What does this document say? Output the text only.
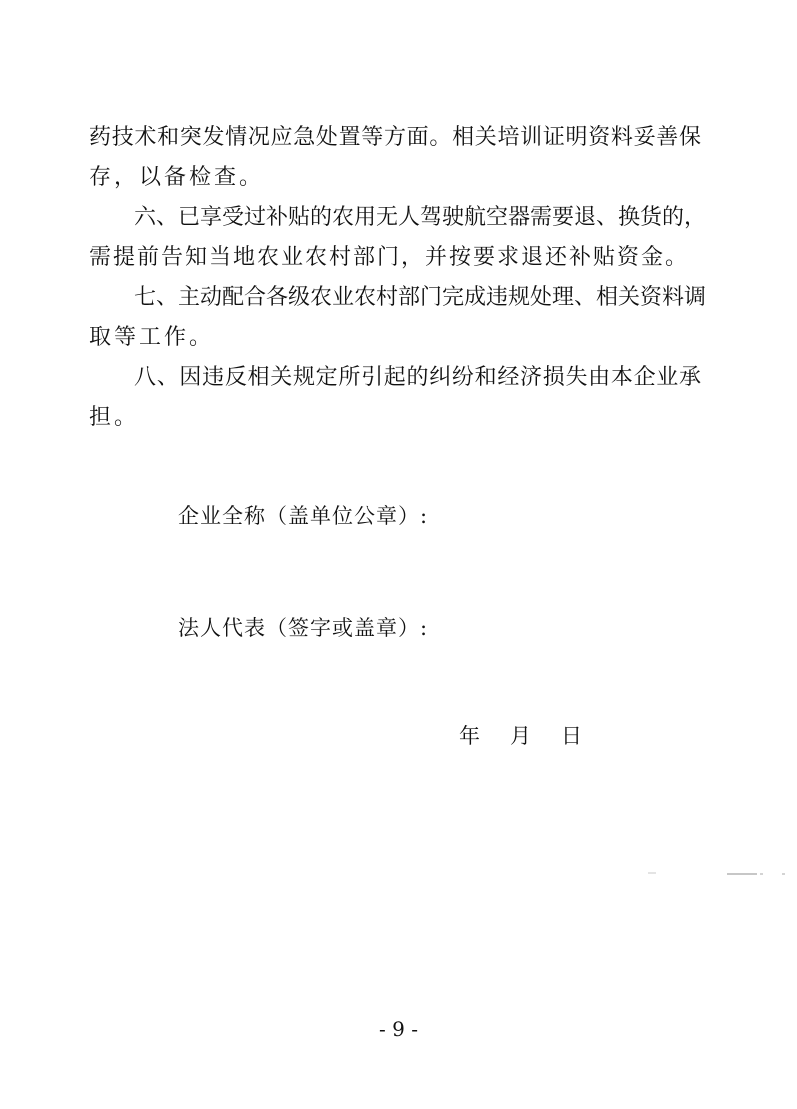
药技术和突发情况应急处置等方面。相关培训证明资料妥善保
存，以备检查。
六、已享受过补贴的农用无人驾驶航空器需要退、换货的，
需提前告知当地农业农村部门，并按要求退还补贴资金。
七、主动配合各级农业农村部门完成违规处理、相关资料调
取等工作。
八、因违反相关规定所引起的纠纷和经济损失由本企业承
担。
企业全称（盖单位公章）:
法人代表（签字或盖章）:
年 月 日
- 9 -
